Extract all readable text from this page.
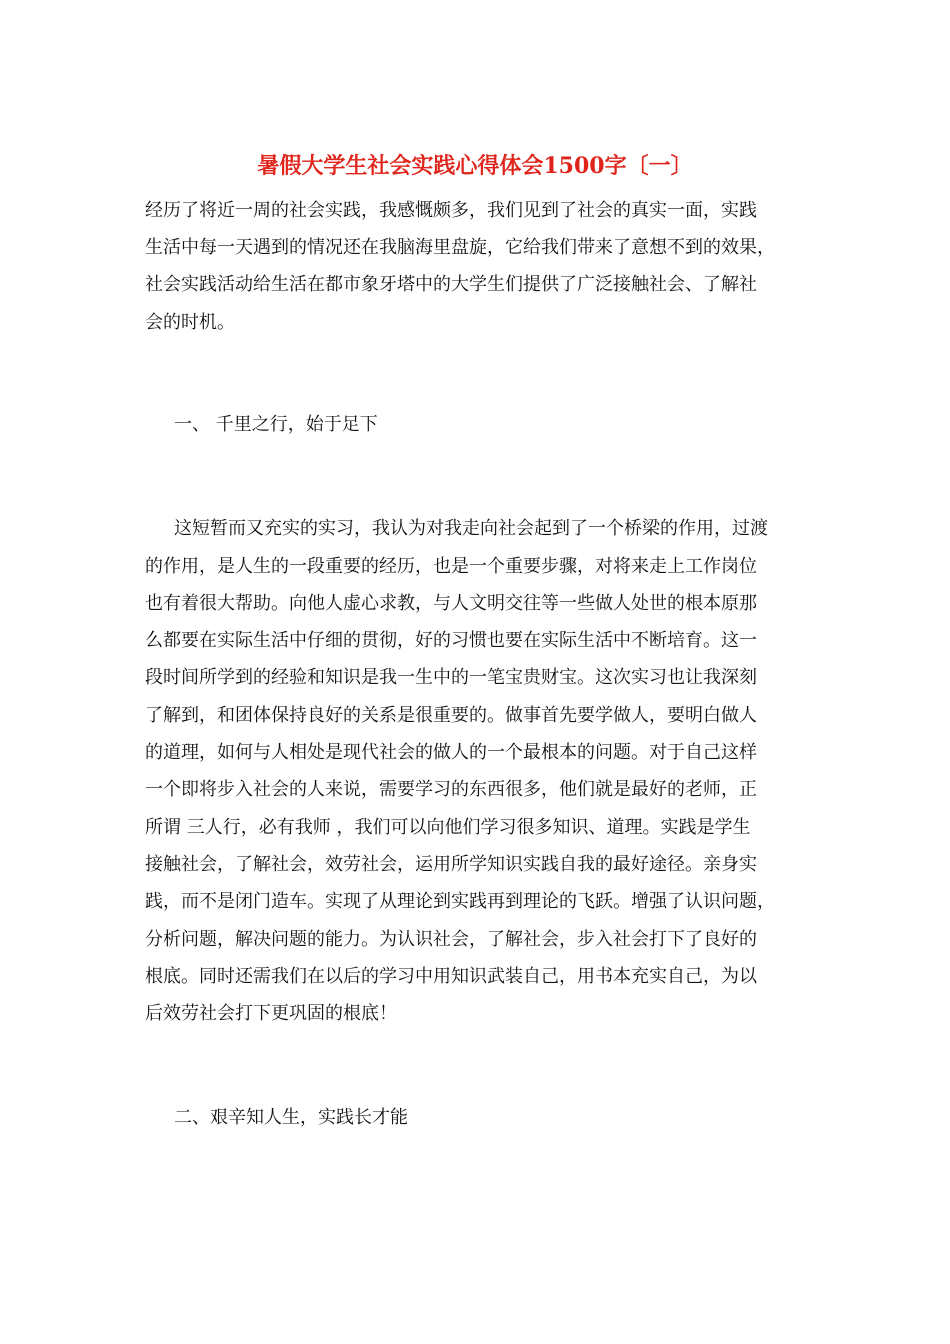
暑假大学生社会实践心得体会1500字〔一〕
经历了将近一周的社会实践，我感慨颇多，我们见到了社会的真实一面，实践
生活中每一天遇到的情况还在我脑海里盘旋，它给我们带来了意想不到的效果，
社会实践活动给生活在都市象牙塔中的大学生们提供了广泛接触社会、了解社
会的时机。
一、 千里之行，始于足下
这短暂而又充实的实习，我认为对我走向社会起到了一个桥梁的作用，过渡
的作用，是人生的一段重要的经历，也是一个重要步骤，对将来走上工作岗位
也有着很大帮助。向他人虚心求教，与人文明交往等一些做人处世的根本原那
么都要在实际生活中仔细的贯彻，好的习惯也要在实际生活中不断培育。这一
段时间所学到的经验和知识是我一生中的一笔宝贵财宝。这次实习也让我深刻
了解到，和团体保持良好的关系是很重要的。做事首先要学做人，要明白做人
的道理，如何与人相处是现代社会的做人的一个最根本的问题。对于自己这样
一个即将步入社会的人来说，需要学习的东西很多，他们就是最好的老师，正
所谓 三人行，必有我师 ，我们可以向他们学习很多知识、道理。实践是学生
接触社会，了解社会，效劳社会，运用所学知识实践自我的最好途径。亲身实
践，而不是闭门造车。实现了从理论到实践再到理论的飞跃。增强了认识问题，
分析问题，解决问题的能力。为认识社会，了解社会，步入社会打下了良好的
根底。同时还需我们在以后的学习中用知识武装自己，用书本充实自己，为以
后效劳社会打下更巩固的根底！
二、艰辛知人生，实践长才能
